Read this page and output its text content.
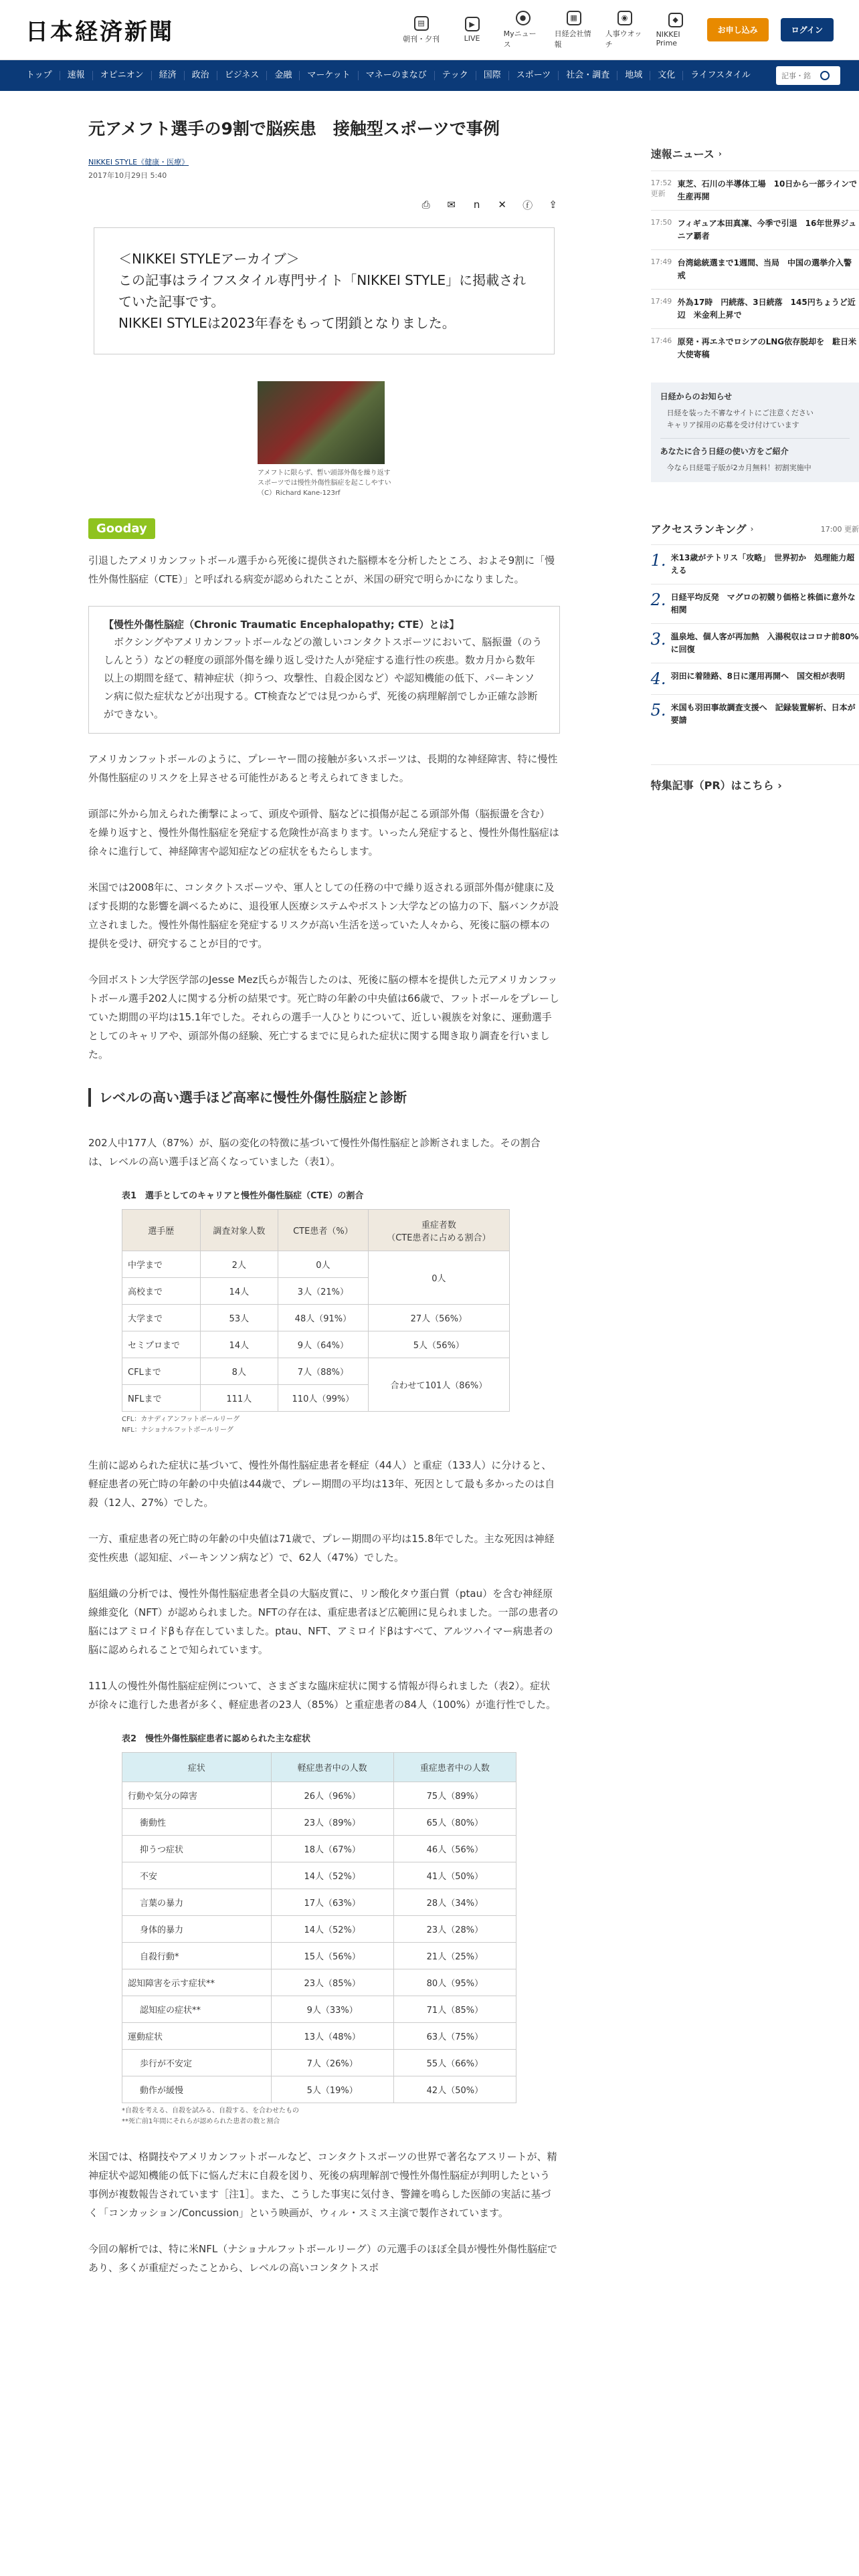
日本経済新聞	▤
朝刊・夕刊
▶
LIVE
●
Myニュース
▦
日経会社情報
◉
人事ウオッチ
◆
NIKKEI Prime
お申し込み	ログイン
トップ	速報	オピニオン	経済	政治	ビジネス	金融	マーケット	マネーのまなび	テック	国際	スポーツ	社会・調査	地域	文化	ライフスタイル
記事・銘
元アメフト選手の9割で脳疾患　接触型スポーツで事例
NIKKEI STYLE《健康・医療》
2017年10月29日 5:40
⎙ ✉	n	✕ ⓕ ⇪
＜NIKKEI STYLEアーカイブ＞
この記事はライフスタイル専門サイト「NIKKEI STYLE」に掲載されていた記事です。
NIKKEI STYLEは2023年春をもって閉鎖となりました。
アメフトに限らず、暫い頭部外傷を繰り返すスポーツでは慢性外傷性脳症を起こしやすい（C）Richard Kane-123rf
Gooday

引退したアメリカンフットボール選手から死後に提供された脳標本を分析したところ、およそ9割に「慢性外傷性脳症（CTE）」と呼ばれる病変が認められたことが、米国の研究で明らかになりました。

【慢性外傷性脳症（Chronic Traumatic Encephalopathy; CTE）とは】
ボクシングやアメリカンフットボールなどの激しいコンタクトスポーツにおいて、脳振盪（のうしんとう）などの軽度の頭部外傷を繰り返し受けた人が発症する進行性の疾患。数カ月から数年以上の期間を経て、精神症状（抑うつ、攻撃性、自殺企図など）や認知機能の低下、パーキンソン病に似た症状などが出現する。CT検査などでは見つからず、死後の病理解剖でしか正確な診断ができない。

アメリカンフットボールのように、プレーヤー間の接触が多いスポーツは、長期的な神経障害、特に慢性外傷性脳症のリスクを上昇させる可能性があると考えられてきました。

頭部に外から加えられた衝撃によって、頭皮や頭骨、脳などに損傷が起こる頭部外傷（脳振盪を含む）を繰り返すと、慢性外傷性脳症を発症する危険性が高まります。いったん発症すると、慢性外傷性脳症は徐々に進行して、神経障害や認知症などの症状をもたらします。

米国では2008年に、コンタクトスポーツや、軍人としての任務の中で繰り返される頭部外傷が健康に及ぼす長期的な影響を調べるために、退役軍人医療システムやボストン大学などの協力の下、脳バンクが設立されました。慢性外傷性脳症を発症するリスクが高い生活を送っていた人々から、死後に脳の標本の提供を受け、研究することが目的です。

今回ボストン大学医学部のJesse Mez氏らが報告したのは、死後に脳の標本を提供した元アメリカンフットボール選手202人に関する分析の結果です。死亡時の年齢の中央値は66歳で、フットボールをプレーしていた期間の平均は15.1年でした。それらの選手一人ひとりについて、近しい親族を対象に、運動選手としてのキャリアや、頭部外傷の経験、死亡するまでに見られた症状に関する聞き取り調査を行いました。

レベルの高い選手ほど高率に慢性外傷性脳症と診断

202人中177人（87%）が、脳の変化の特徴に基づいて慢性外傷性脳症と診断されました。その割合は、レベルの高い選手ほど高くなっていました（表1）。

表1　選手としてのキャリアと慢性外傷性脳症（CTE）の割合
選手歴	調査対象人数	CTE患者（%）	重症者数
（CTE患者に占める割合）
中学まで	2人	0人	0人
高校まで	14人	3人（21%）	
大学まで	53人	48人（91%）	27人（56%）
セミプロまで	14人	9人（64%）	5人（56%）
CFLまで	8人	7人（88%）	合わせて101人（86%）
NFLまで	111人	110人（99%）	
CFL：カナディアンフットボールリーグ
NFL：ナショナルフットボールリーグ

生前に認められた症状に基づいて、慢性外傷性脳症患者を軽症（44人）と重症（133人）に分けると、軽症患者の死亡時の年齢の中央値は44歳で、プレー期間の平均は13年、死因として最も多かったのは自殺（12人、27%）でした。

一方、重症患者の死亡時の年齢の中央値は71歳で、プレー期間の平均は15.8年でした。主な死因は神経変性疾患（認知症、パーキンソン病など）で、62人（47%）でした。

脳組織の分析では、慢性外傷性脳症患者全員の大脳皮質に、リン酸化タウ蛋白質（ptau）を含む神経原線維変化（NFT）が認められました。NFTの存在は、重症患者ほど広範囲に見られました。一部の患者の脳にはアミロイドβも存在していました。ptau、NFT、アミロイドβはすべて、アルツハイマー病患者の脳に認められることで知られています。

111人の慢性外傷性脳症症例について、さまざまな臨床症状に関する情報が得られました（表2）。症状が徐々に進行した患者が多く、軽症患者の23人（85%）と重症患者の84人（100%）が進行性でした。

表2　慢性外傷性脳症患者に認められた主な症状
症状	軽症患者中の人数	重症患者中の人数
行動や気分の障害	26人（96%）	75人（89%）
衝動性	23人（89%）	65人（80%）
抑うつ症状	18人（67%）	46人（56%）
不安	14人（52%）	41人（50%）
言葉の暴力	17人（63%）	28人（34%）
身体的暴力	14人（52%）	23人（28%）
自殺行動*	15人（56%）	21人（25%）
認知障害を示す症状**	23人（85%）	80人（95%）
認知症の症状**	9人（33%）	71人（85%）
運動症状	13人（48%）	63人（75%）
歩行が不安定	7人（26%）	55人（66%）
動作が緩慢	5人（19%）	42人（50%）
*自殺を考える、自殺を試みる、自殺する、を合わせたもの
**死亡前1年間にそれらが認められた患者の数と割合

米国では、格闘技やアメリカンフットボールなど、コンタクトスポーツの世界で著名なアスリートが、精神症状や認知機能の低下に悩んだ末に自殺を図り、死後の病理解剖で慢性外傷性脳症が判明したという事例が複数報告されています［注1］。また、こうした事実に気付き、警鐘を鳴らした医師の実話に基づく「コンカッション/Concussion」という映画が、ウィル・スミス主演で製作されています。

今回の解析では、特に米NFL（ナショナルフットボールリーグ）の元選手のほぼ全員が慢性外傷性脳症であり、多くが重症だったことから、レベルの高いコンタクトスポ

速報ニュース ›
17:52
更新
東芝、石川の半導体工場　10日から一部ラインで生産再開
17:50 フィギュア本田真凜、今季で引退　16年世界ジュニア覇者
17:49 台湾総統選まで1週間、当局　中国の選挙介入警戒
17:49 外為17時　円続落、3日続落　145円ちょうど近辺　米金利上昇で
17:46 原発・再エネでロシアのLNG依存脱却を　駐日米大使寄稿
日経からのお知らせ
日経を装った不審なサイトにご注意ください
キャリア採用の応募を受け付けています
あなたに合う日経の使い方をご紹介
今なら日経電子版が2カ月無料！初割実施中
アクセスランキング ›	17:00 更新
1. 米13歳がテトリス「攻略」　世界初か　処理能力超える
2. 日経平均反発　マグロの初競り価格と株価に意外な相関
3. 温泉地、個人客が再加熱　入湯税収はコロナ前80%に回復
4. 羽田に着陸路、8日に運用再開へ　国交相が表明
5. 米国も羽田事故調査支援へ　記録装置解析、日本が要請
特集記事（PR）はこちら ›
